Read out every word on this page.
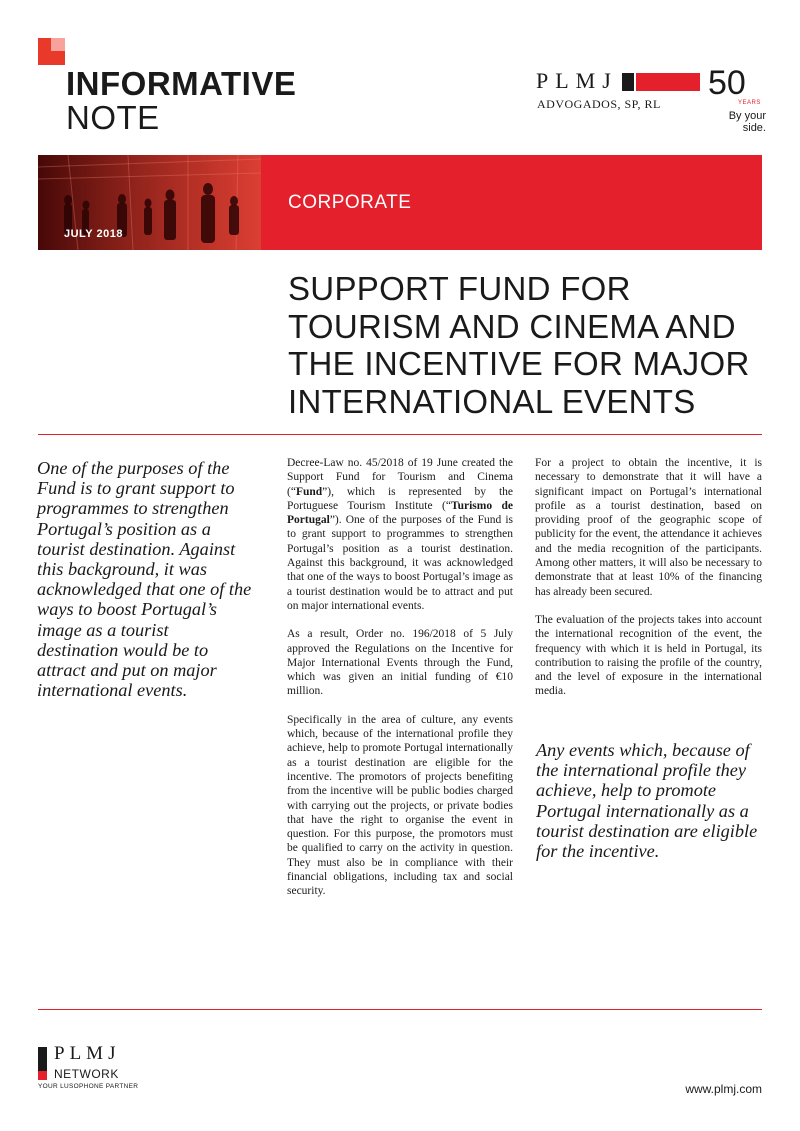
INFORMATIVE
NOTE
PLMJ
ADVOGADOS, SP, RL
50
YEARS
By your side.
CORPORATE
JULY 2018
SUPPORT FUND FOR TOURISM AND CINEMA AND THE INCENTIVE FOR MAJOR INTERNATIONAL EVENTS

One of the purposes of the Fund is to grant support to programmes to strengthen Portugal’s position as a tourist destination. Against this background, it was acknowledged that one of the ways to boost Portugal’s image as a tourist destination would be to attract and put on major international events.

Decree-Law no. 45/2018 of 19 June created the Support Fund for Tourism and Cinema (“Fund”), which is represented by the Portuguese Tourism Institute (“Turismo de Portugal”). One of the purposes of the Fund is to grant support to programmes to strengthen Portugal’s position as a tourist destination. Against this background, it was acknowledged that one of the ways to boost Portugal’s image as a tourist destination would be to attract and put on major international events.

As a result, Order no. 196/2018 of 5 July approved the Regulations on the Incentive for Major International Events through the Fund, which was given an initial funding of €10 million.

Specifically in the area of culture, any events which, because of the international profile they achieve, help to promote Portugal internationally as a tourist destination are eligible for the incentive. The promotors of projects benefiting from the incentive will be public bodies charged with carrying out the projects, or private bodies that have the right to organise the event in question. For this purpose, the promotors must be qualified to carry on the activity in question. They must also be in compliance with their financial obligations, including tax and social security.

For a project to obtain the incentive, it is necessary to demonstrate that it will have a significant impact on Portugal’s international profile as a tourist destination, based on providing proof of the geographic scope of publicity for the event, the attendance it achieves and the media recognition of the participants. Among other matters, it will also be necessary to demonstrate that at least 10% of the financing has already been secured.

The evaluation of the projects takes into account the international recognition of the event, the frequency with which it is held in Portugal, its contribution to raising the profile of the country, and the level of exposure in the international media.

Any events which, because of the international profile they achieve, help to promote Portugal internationally as a tourist destination are eligible for the incentive.

PLMJ
NETWORK
YOUR LUSOPHONE PARTNER	www.plmj.com
